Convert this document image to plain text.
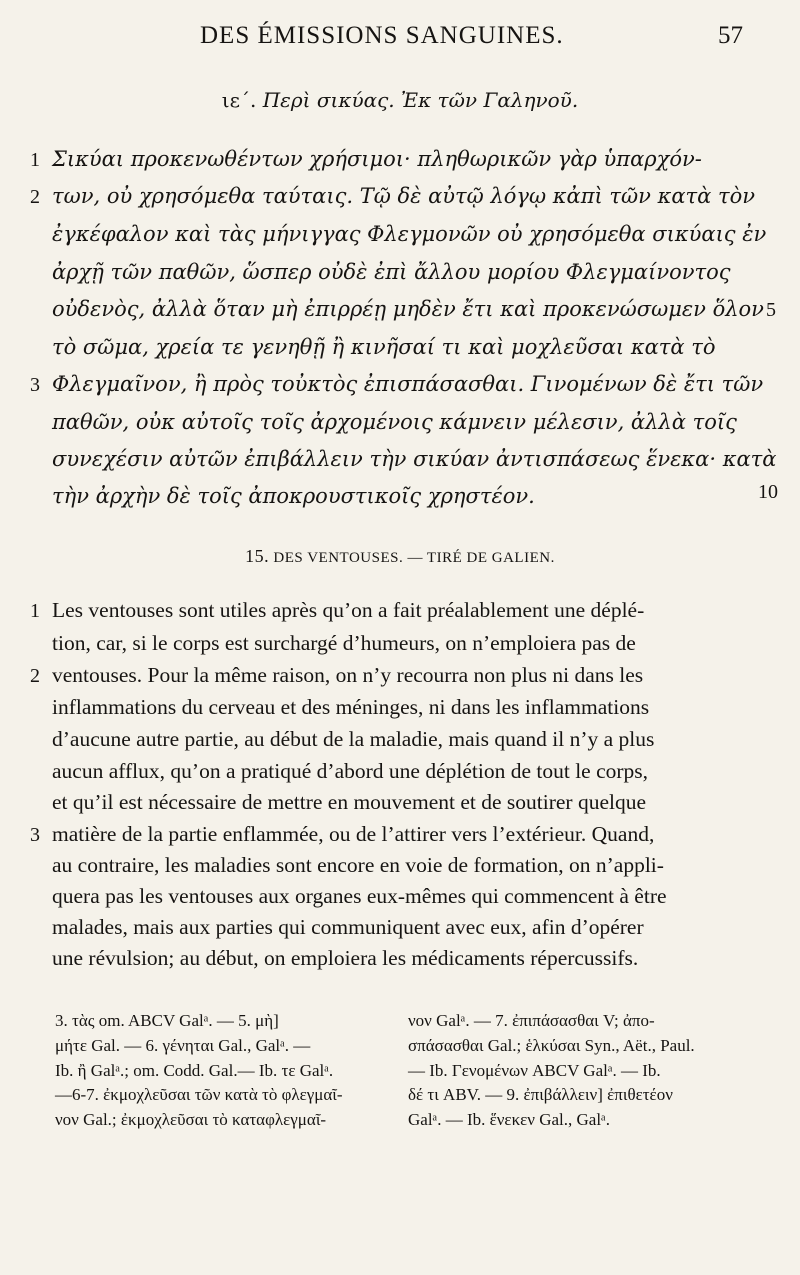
DES ÉMISSIONS SANGUINES.	57
ιε΄. Περὶ σικύας. Ἐκ τῶν Γαληνοῦ.
Σικύαι προκενωθέντων χρήσιμοι· πληθωρικῶν γὰρ ὑπαρχόν-
των, οὐ χρησόμεθα ταύταις. Τῷ δὲ αὐτῷ λόγῳ κἀπὶ τῶν κατὰ τὸν
ἐγκέφαλον καὶ τὰς μήνιγγας Φλεγμονῶν οὐ χρησόμεθα σικύαις ἐν
ἀρχῇ τῶν παθῶν, ὥσπερ οὐδὲ ἐπὶ ἄλλου μορίου Φλεγμαίνοντος
οὐδενὸς, ἀλλὰ ὅταν μὴ ἐπιρρέῃ μηδὲν ἔτι καὶ προκενώσωμεν ὅλον
τὸ σῶμα, χρεία τε γενηθῇ ἢ κινῆσαί τι καὶ μοχλεῦσαι κατὰ τὸ
Φλεγμαῖνον, ἢ πρὸς τοὐκτὸς ἐπισπάσασθαι. Γινομένων δὲ ἔτι τῶν
παθῶν, οὐκ αὐτοῖς τοῖς ἀρχομένοις κάμνειν μέλεσιν, ἀλλὰ τοῖς
συνεχέσιν αὐτῶν ἐπιβάλλειν τὴν σικύαν ἀντισπάσεως ἕνεκα· κατὰ
τὴν ἀρχὴν δὲ τοῖς ἀποκρουστικοῖς χρηστέον.
1
2
3
5
10
15. DES VENTOUSES. — TIRÉ DE GALIEN.
Les ventouses sont utiles après qu’on a fait préalablement une déplé-
tion, car, si le corps est surchargé d’humeurs, on n’emploiera pas de
ventouses. Pour la même raison, on n’y recourra non plus ni dans les
inflammations du cerveau et des méninges, ni dans les inflammations
d’aucune autre partie, au début de la maladie, mais quand il n’y a plus
aucun afflux, qu’on a pratiqué d’abord une déplétion de tout le corps,
et qu’il est nécessaire de mettre en mouvement et de soutirer quelque
matière de la partie enflammée, ou de l’attirer vers l’extérieur. Quand,
au contraire, les maladies sont encore en voie de formation, on n’appli-
quera pas les ventouses aux organes eux-mêmes qui commencent à être
malades, mais aux parties qui communiquent avec eux, afin d’opérer
une révulsion; au début, on emploiera les médicaments répercussifs.
1
2
3
3. τὰς om. ABCV Galᵃ. — 5. μὴ]
μήτε Gal. — 6. γένηται Gal., Galᵃ. —
Ib. ἢ Galᵃ.; om. Codd. Gal.— Ib. τε Galᵃ.
—6-7. ἐκμοχλεῦσαι τῶν κατὰ τὸ φλεγμαῖ-
νον Gal.; ἐκμοχλεῦσαι τὸ καταφλεγμαῖ-
νον Galᵃ. — 7. ἐπιπάσασθαι V; ἀπο-
σπάσασθαι Gal.; ἑλκύσαι Syn., Aët., Paul.
— Ib. Γενομένων ABCV Galᵃ. — Ib.
δέ τι ABV. — 9. ἐπιβάλλειν] ἐπιθετέον
Galᵃ. — Ib. ἕνεκεν Gal., Galᵃ.
